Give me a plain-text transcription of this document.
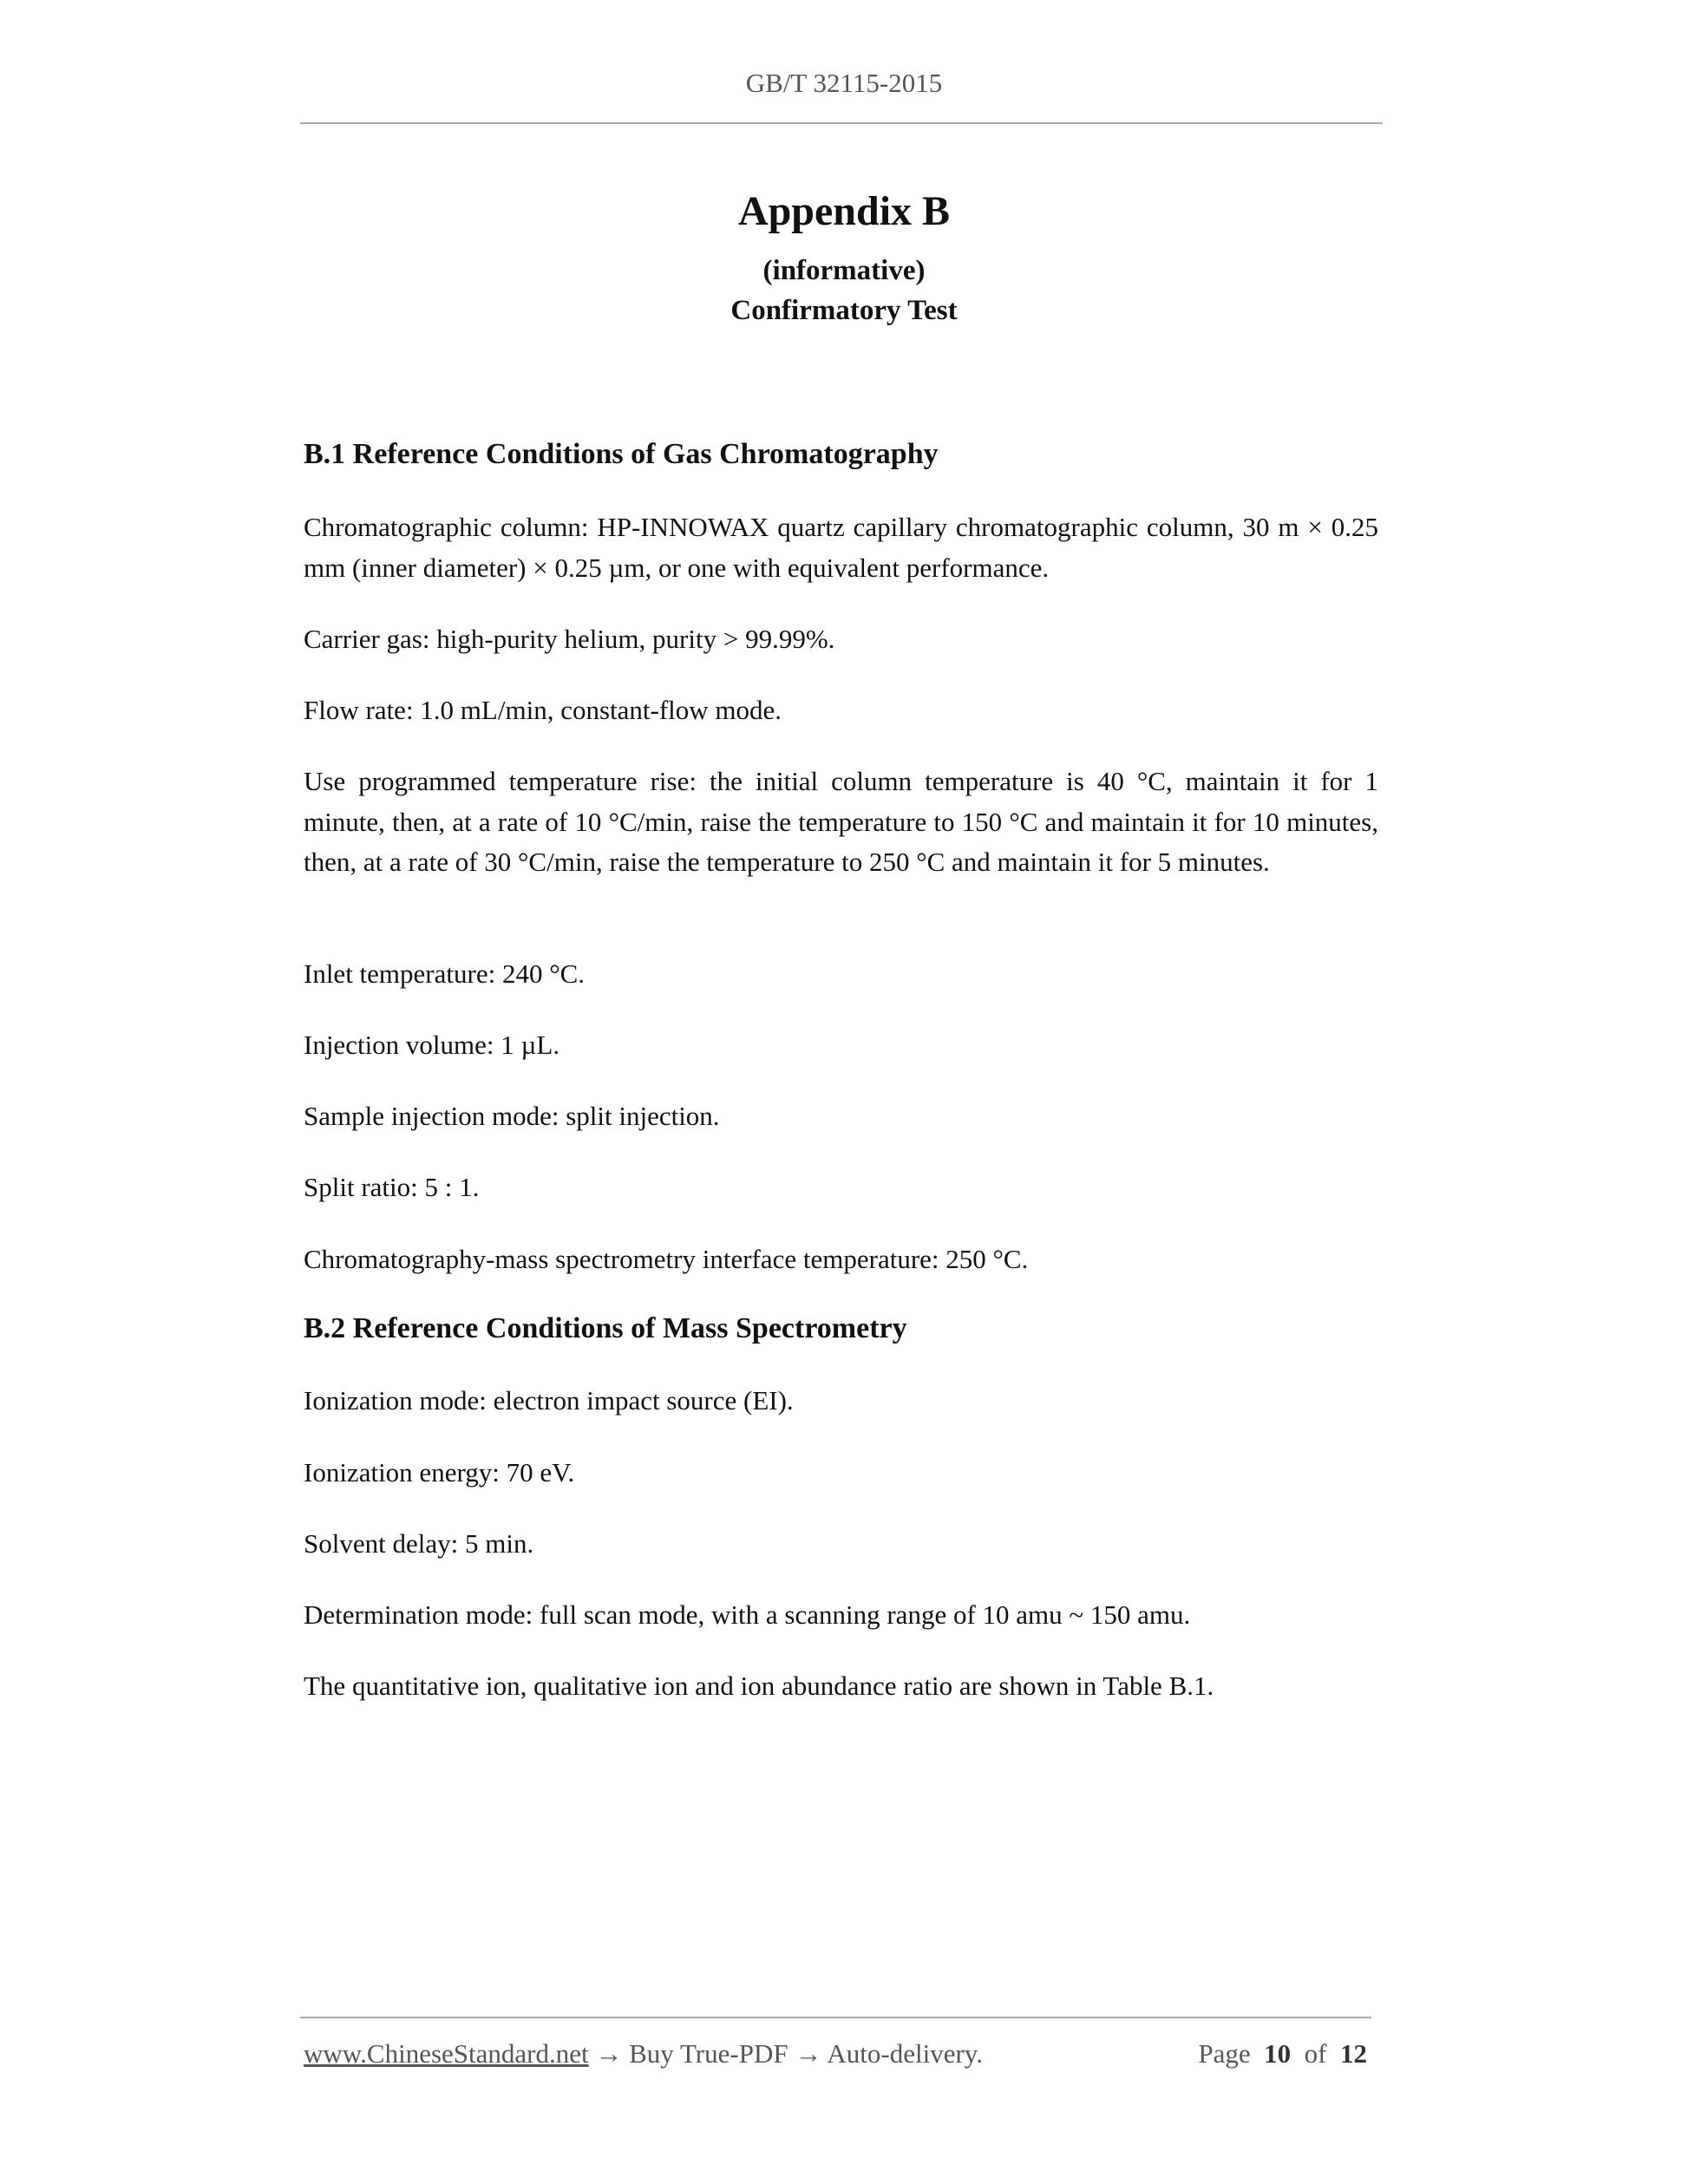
GB/T 32115-2015
Appendix B
(informative)
Confirmatory Test
B.1 Reference Conditions of Gas Chromatography
Chromatographic column: HP-INNOWAX quartz capillary chromatographic column, 30 m × 0.25 mm (inner diameter) × 0.25 µm, or one with equivalent performance.
Carrier gas: high-purity helium, purity > 99.99%.
Flow rate: 1.0 mL/min, constant-flow mode.
Use programmed temperature rise: the initial column temperature is 40 °C, maintain it for 1 minute, then, at a rate of 10 °C/min, raise the temperature to 150 °C and maintain it for 10 minutes, then, at a rate of 30 °C/min, raise the temperature to 250 °C and maintain it for 5 minutes.
Inlet temperature: 240 °C.
Injection volume: 1 µL.
Sample injection mode: split injection.
Split ratio: 5 : 1.
Chromatography-mass spectrometry interface temperature: 250 °C.
B.2 Reference Conditions of Mass Spectrometry
Ionization mode: electron impact source (EI).
Ionization energy: 70 eV.
Solvent delay: 5 min.
Determination mode: full scan mode, with a scanning range of 10 amu ~ 150 amu.
The quantitative ion, qualitative ion and ion abundance ratio are shown in Table B.1.
www.ChineseStandard.net → Buy True-PDF → Auto-delivery.	Page 10 of 12
